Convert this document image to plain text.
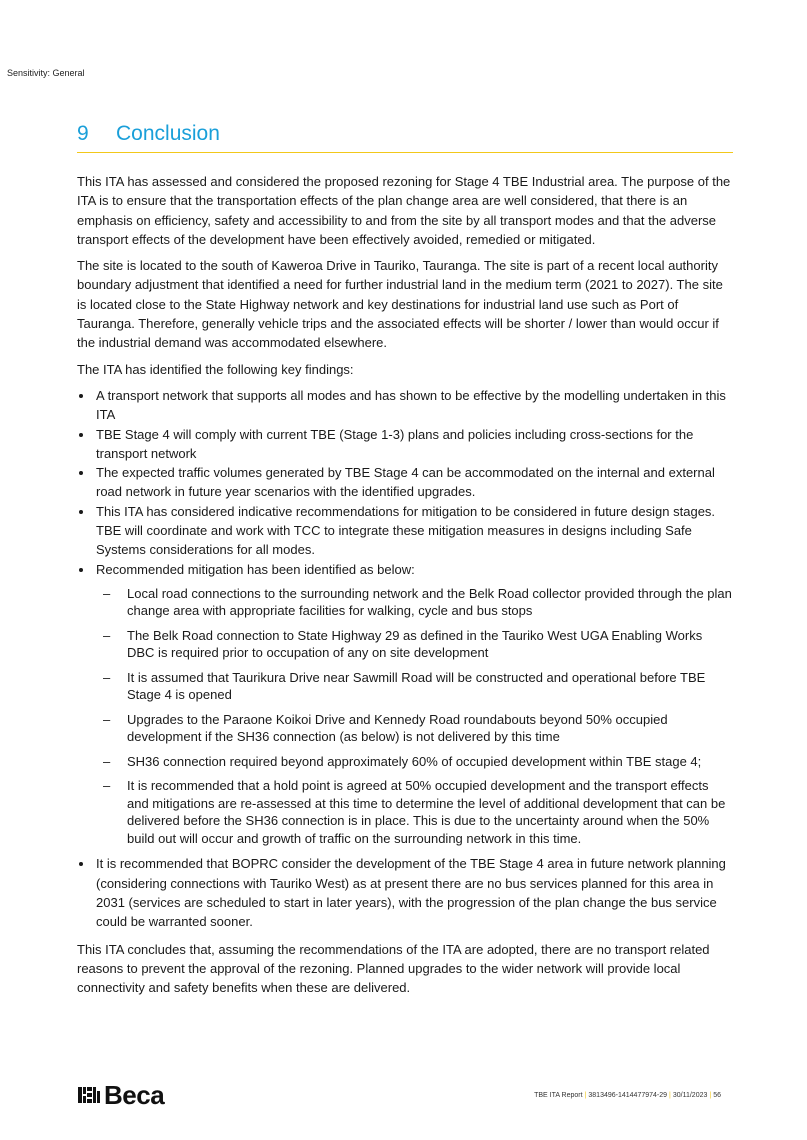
Sensitivity: General
9	Conclusion

This ITA has assessed and considered the proposed rezoning for Stage 4 TBE Industrial area. The purpose of the ITA is to ensure that the transportation effects of the plan change area are well considered, that there is an emphasis on efficiency, safety and accessibility to and from the site by all transport modes and that the adverse transport effects of the development have been effectively avoided, remedied or mitigated.

The site is located to the south of Kaweroa Drive in Tauriko, Tauranga. The site is part of a recent local authority boundary adjustment that identified a need for further industrial land in the medium term (2021 to 2027). The site is located close to the State Highway network and key destinations for industrial land use such as Port of Tauranga. Therefore, generally vehicle trips and the associated effects will be shorter / lower than would occur if the industrial demand was accommodated elsewhere.

The ITA has identified the following key findings:

A transport network that supports all modes and has shown to be effective by the modelling undertaken in this ITA
TBE Stage 4 will comply with current TBE (Stage 1-3) plans and policies including cross-sections for the transport network
The expected traffic volumes generated by TBE Stage 4 can be accommodated on the internal and external road network in future year scenarios with the identified upgrades.
This ITA has considered indicative recommendations for mitigation to be considered in future design stages. TBE will coordinate and work with TCC to integrate these mitigation measures in designs including Safe Systems considerations for all modes.
Recommended mitigation has been identified as below:
– Local road connections to the surrounding network and the Belk Road collector provided through the plan change area with appropriate facilities for walking, cycle and bus stops
– The Belk Road connection to State Highway 29 as defined in the Tauriko West UGA Enabling Works DBC is required prior to occupation of any on site development
– It is assumed that Taurikura Drive near Sawmill Road will be constructed and operational before TBE Stage 4 is opened
– Upgrades to the Paraone Koikoi Drive and Kennedy Road roundabouts beyond 50% occupied development if the SH36 connection (as below) is not delivered by this time
– SH36 connection required beyond approximately 60% of occupied development within TBE stage 4;
– It is recommended that a hold point is agreed at 50% occupied development and the transport effects and mitigations are re-assessed at this time to determine the level of additional development that can be delivered before the SH36 connection is in place. This is due to the uncertainty around when the 50% build out will occur and growth of traffic on the surrounding network in this time.
It is recommended that BOPRC consider the development of the TBE Stage 4 area in future network planning (considering connections with Tauriko West) as at present there are no bus services planned for this area in 2031 (services are scheduled to start in later years), with the progression of the plan change the bus service could be warranted sooner.

This ITA concludes that, assuming the recommendations of the ITA are adopted, there are no transport related reasons to prevent the approval of the rezoning. Planned upgrades to the wider network will provide local connectivity and safety benefits when these are delivered.

Beca	TBE ITA Report | 3813496-1414477974-29 | 30/11/2023 | 56
